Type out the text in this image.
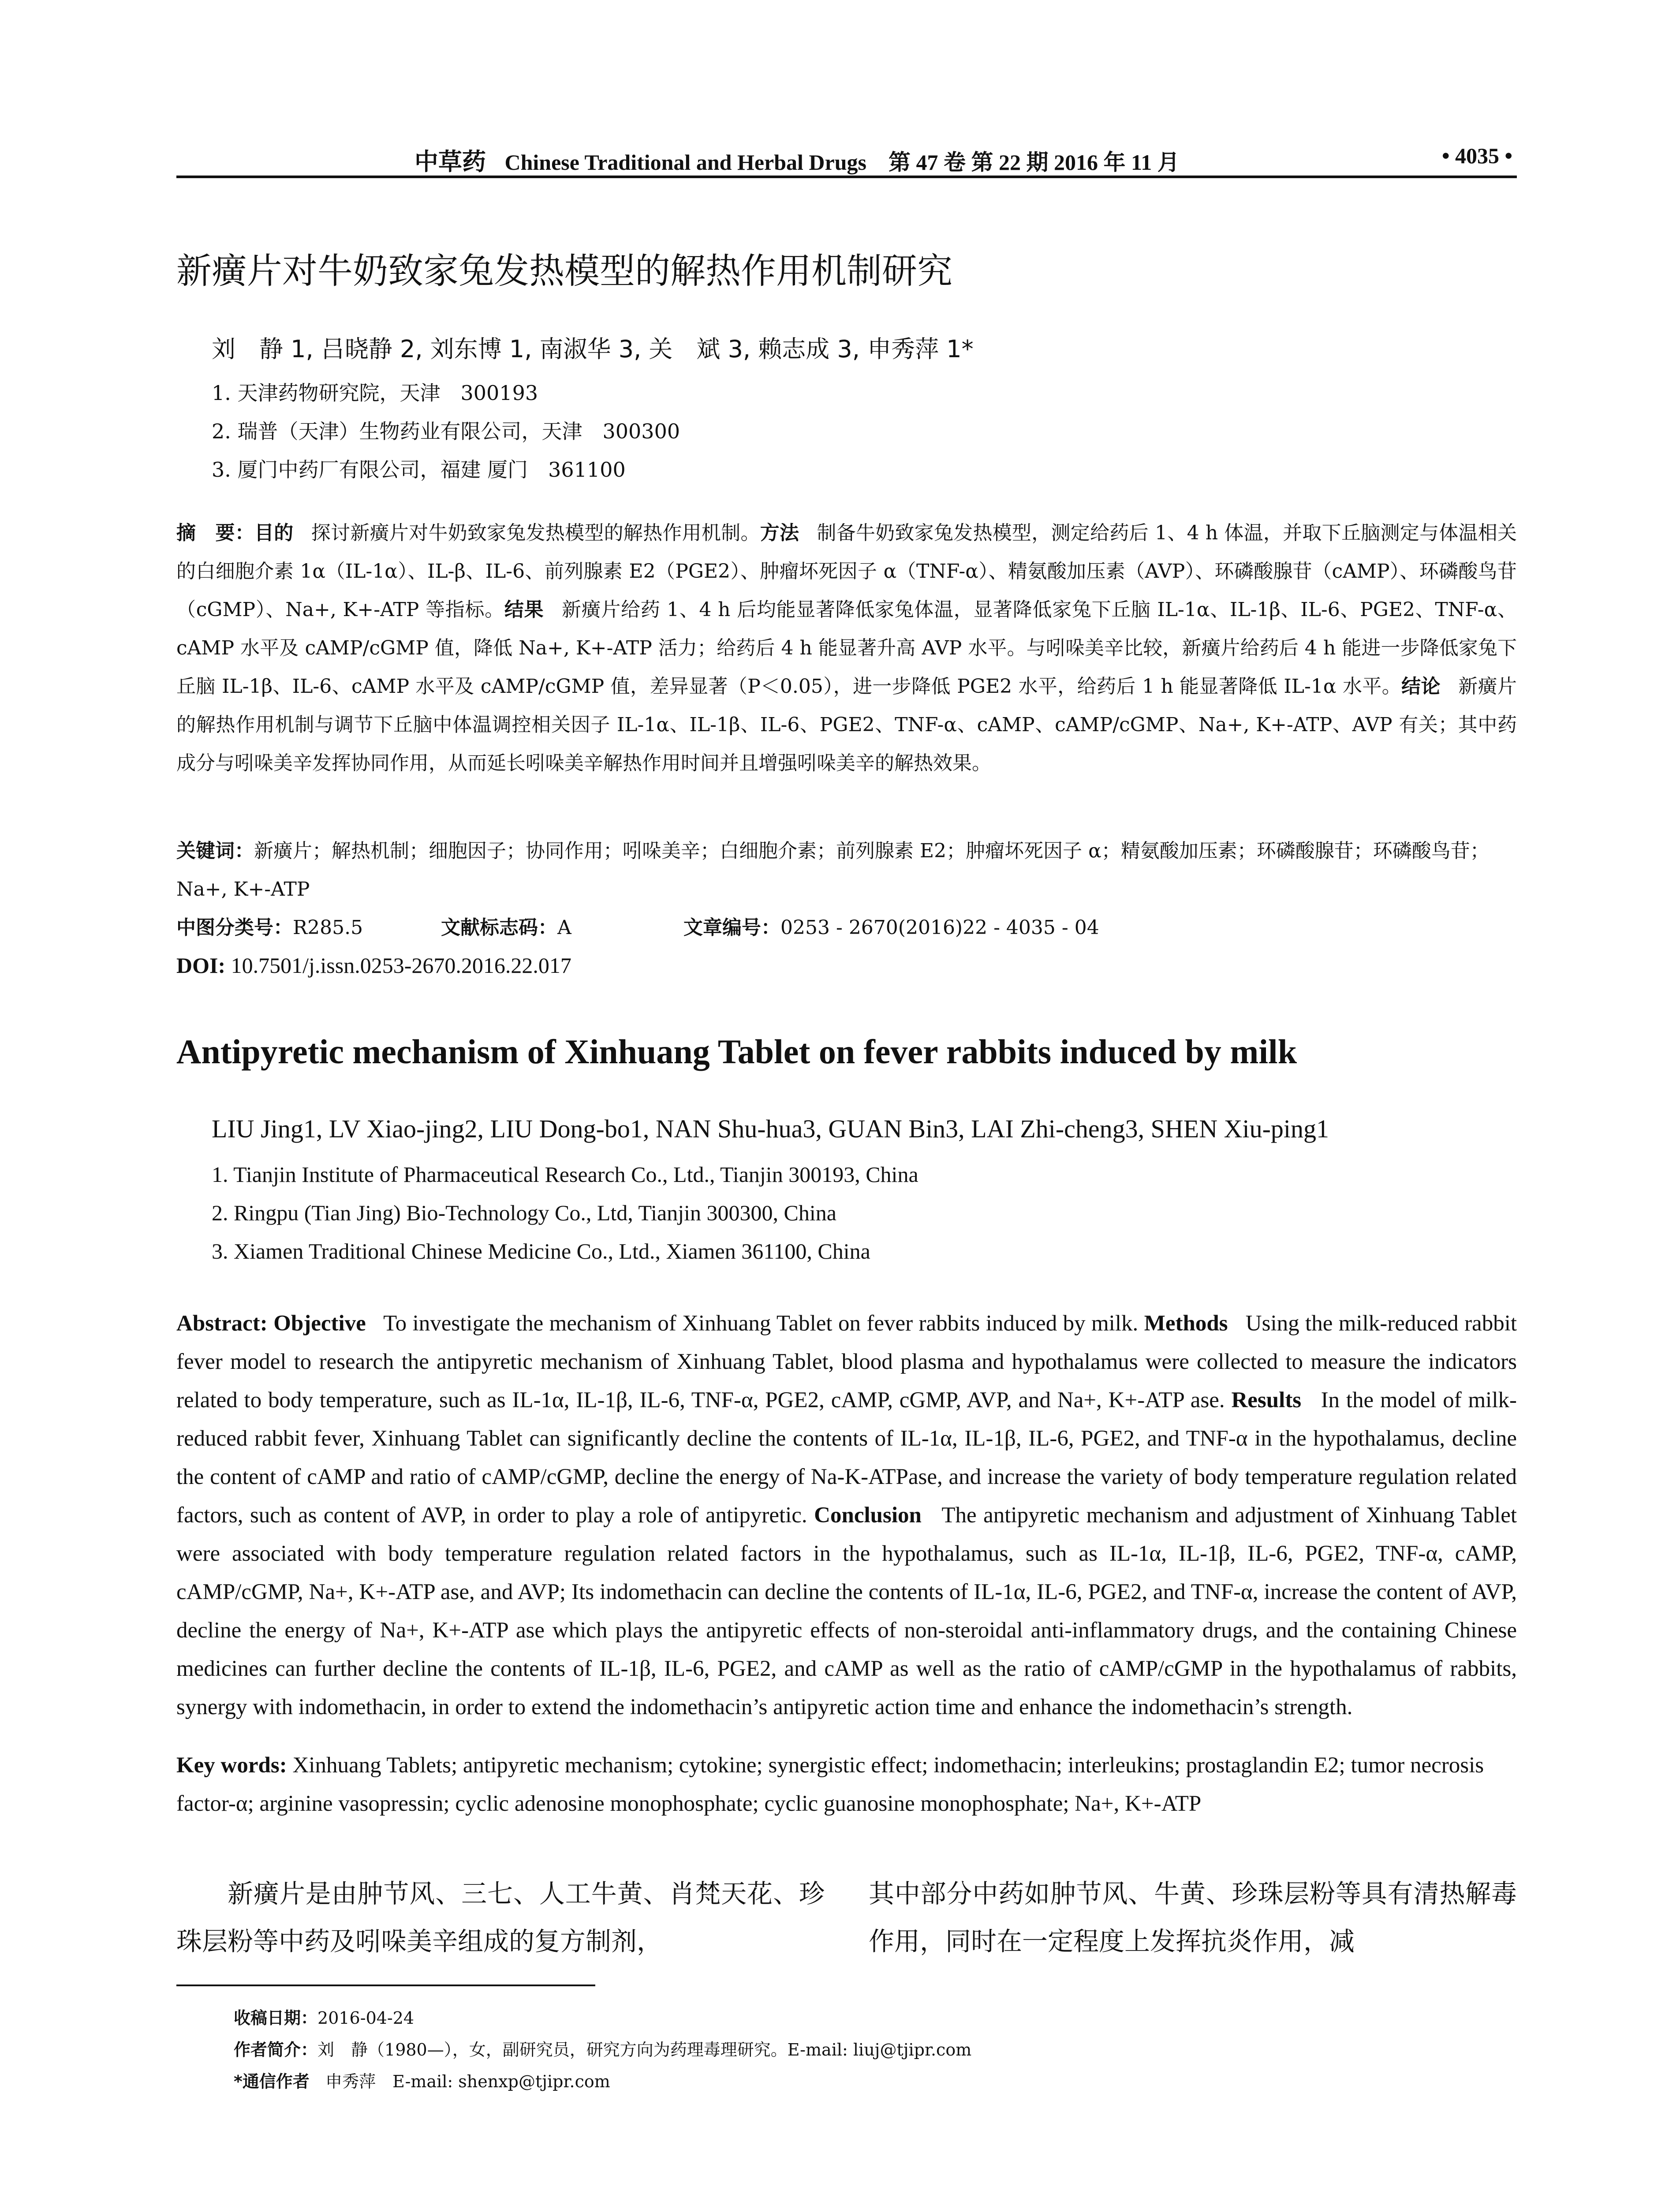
中草药 Chinese Traditional and Herbal Drugs　第 47 卷 第 22 期 2016 年 11 月	• 4035 •
新癀片对牛奶致家兔发热模型的解热作用机制研究
刘　静 1, 吕晓静 2, 刘东博 1, 南淑华 3, 关　斌 3, 赖志成 3, 申秀萍 1*
1. 天津药物研究院，天津　300193
2. 瑞普（天津）生物药业有限公司，天津　300300
3. 厦门中药厂有限公司，福建 厦门　361100
摘　要：目的 探讨新癀片对牛奶致家兔发热模型的解热作用机制。方法 制备牛奶致家兔发热模型，测定给药后 1、4 h 体温，并取下丘脑测定与体温相关的白细胞介素 1α（IL-1α）、IL-β、IL-6、前列腺素 E2（PGE2）、肿瘤坏死因子 α（TNF-α）、精氨酸加压素（AVP）、环磷酸腺苷（cAMP）、环磷酸鸟苷（cGMP）、Na+, K+-ATP 等指标。结果 新癀片给药 1、4 h 后均能显著降低家兔体温，显著降低家兔下丘脑 IL-1α、IL-1β、IL-6、PGE2、TNF-α、cAMP 水平及 cAMP/cGMP 值，降低 Na+, K+-ATP 活力；给药后 4 h 能显著升高 AVP 水平。与吲哚美辛比较，新癀片给药后 4 h 能进一步降低家兔下丘脑 IL-1β、IL-6、cAMP 水平及 cAMP/cGMP 值，差异显著（P＜0.05），进一步降低 PGE2 水平，给药后 1 h 能显著降低 IL-1α 水平。结论 新癀片的解热作用机制与调节下丘脑中体温调控相关因子 IL-1α、IL-1β、IL-6、PGE2、TNF-α、cAMP、cAMP/cGMP、Na+, K+-ATP、AVP 有关；其中药成分与吲哚美辛发挥协同作用，从而延长吲哚美辛解热作用时间并且增强吲哚美辛的解热效果。
关键词：新癀片；解热机制；细胞因子；协同作用；吲哚美辛；白细胞介素；前列腺素 E2；肿瘤坏死因子 α；精氨酸加压素；环磷酸腺苷；环磷酸鸟苷；Na+, K+-ATP
中图分类号：R285.5	文献标志码：A	文章编号：0253 - 2670(2016)22 - 4035 - 04
DOI: 10.7501/j.issn.0253-2670.2016.22.017
Antipyretic mechanism of Xinhuang Tablet on fever rabbits induced by milk
LIU Jing1, LV Xiao-jing2, LIU Dong-bo1, NAN Shu-hua3, GUAN Bin3, LAI Zhi-cheng3, SHEN Xiu-ping1
1. Tianjin Institute of Pharmaceutical Research Co., Ltd., Tianjin 300193, China
2. Ringpu (Tian Jing) Bio-Technology Co., Ltd, Tianjin 300300, China
3. Xiamen Traditional Chinese Medicine Co., Ltd., Xiamen 361100, China
Abstract: Objective To investigate the mechanism of Xinhuang Tablet on fever rabbits induced by milk. Methods Using the milk-reduced rabbit fever model to research the antipyretic mechanism of Xinhuang Tablet, blood plasma and hypothalamus were collected to measure the indicators related to body temperature, such as IL-1α, IL-1β, IL-6, TNF-α, PGE2, cAMP, cGMP, AVP, and Na+, K+-ATP ase. Results In the model of milk-reduced rabbit fever, Xinhuang Tablet can significantly decline the contents of IL-1α, IL-1β, IL-6, PGE2, and TNF-α in the hypothalamus, decline the content of cAMP and ratio of cAMP/cGMP, decline the energy of Na-K-ATPase, and increase the variety of body temperature regulation related factors, such as content of AVP, in order to play a role of antipyretic. Conclusion The antipyretic mechanism and adjustment of Xinhuang Tablet were associated with body temperature regulation related factors in the hypothalamus, such as IL-1α, IL-1β, IL-6, PGE2, TNF-α, cAMP, cAMP/cGMP, Na+, K+-ATP ase, and AVP; Its indomethacin can decline the contents of IL-1α, IL-6, PGE2, and TNF-α, increase the content of AVP, decline the energy of Na+, K+-ATP ase which plays the antipyretic effects of non-steroidal anti-inflammatory drugs, and the containing Chinese medicines can further decline the contents of IL-1β, IL-6, PGE2, and cAMP as well as the ratio of cAMP/cGMP in the hypothalamus of rabbits, synergy with indomethacin, in order to extend the indomethacin’s antipyretic action time and enhance the indomethacin’s strength.
Key words: Xinhuang Tablets; antipyretic mechanism; cytokine; synergistic effect; indomethacin; interleukins; prostaglandin E2; tumor necrosis factor-α; arginine vasopressin; cyclic adenosine monophosphate; cyclic guanosine monophosphate; Na+, K+-ATP
新癀片是由肿节风、三七、人工牛黄、肖梵天花、珍珠层粉等中药及吲哚美辛组成的复方制剂，
其中部分中药如肿节风、牛黄、珍珠层粉等具有清热解毒作用，同时在一定程度上发挥抗炎作用，减
收稿日期：2016-04-24
作者简介：刘　静（1980—），女，副研究员，研究方向为药理毒理研究。E-mail: liuj@tjipr.com
*通信作者 申秀萍　E-mail: shenxp@tjipr.com
